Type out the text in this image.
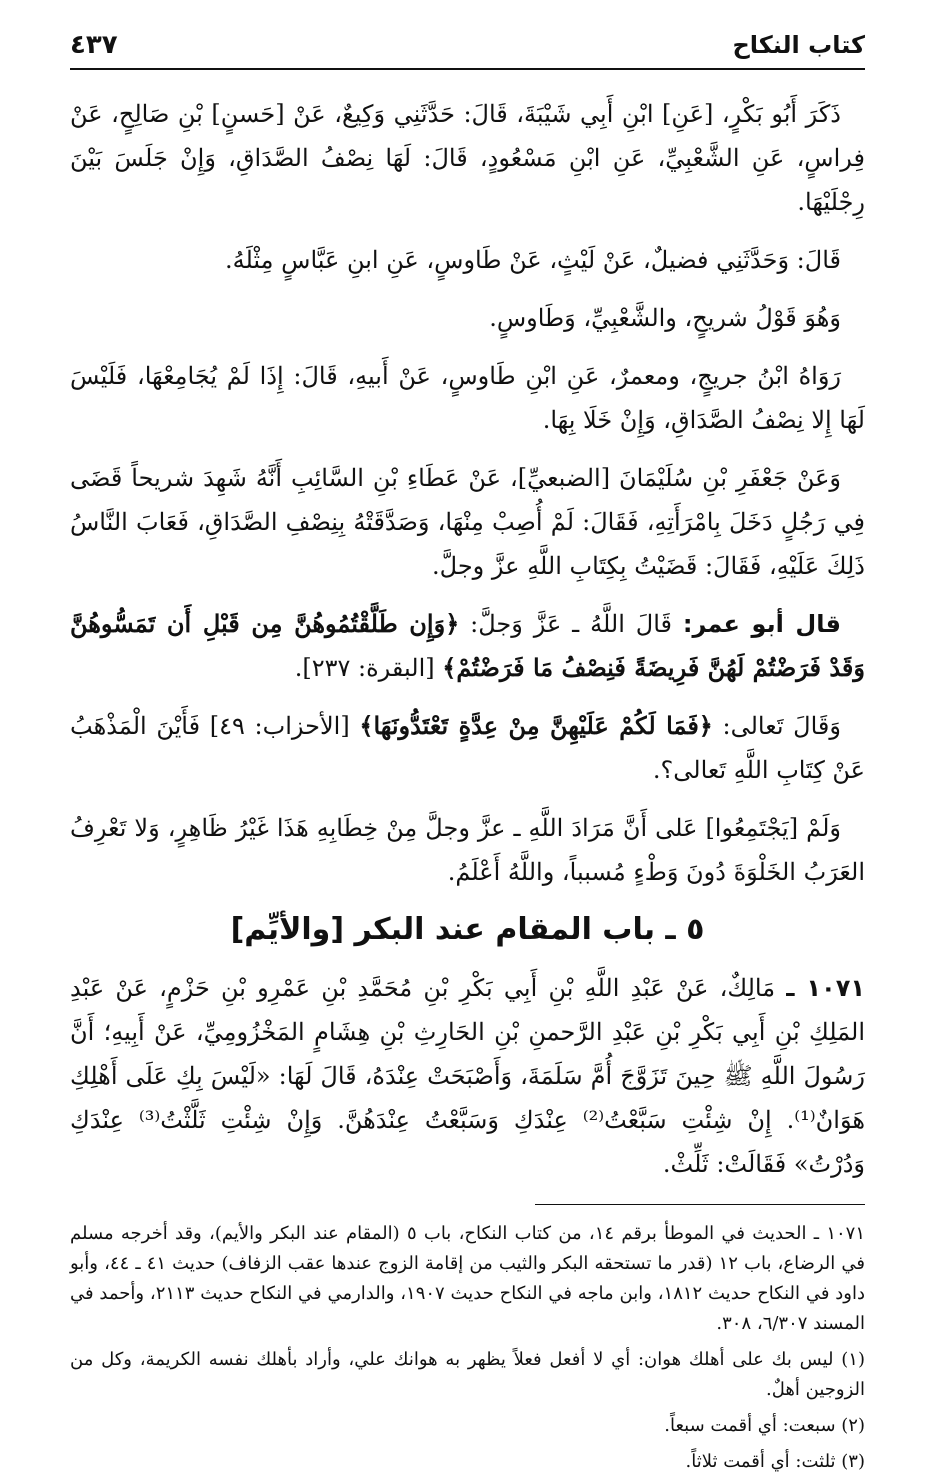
كتاب النكاح
٤٣٧

ذَكَرَ أَبُو بَكْرٍ، [عَنِ] ابْنِ أَبِي شَيْبَةَ، قَالَ: حَدَّثَنِي وَكِيعٌ، عَنْ [حَسنٍ] بْنِ صَالِحٍ، عَنْ فِراسٍ، عَنِ الشَّعْبِيِّ، عَنِ ابْنِ مَسْعُودٍ، قَالَ: لَهَا نِصْفُ الصَّدَاقِ، وَإِنْ جَلَسَ بَيْنَ رِجْلَيْهَا.

قَالَ: وَحَدَّثَنِي فضيلٌ، عَنْ لَيْثٍ، عَنْ طَاوسٍ، عَنِ ابنِ عَبَّاسٍ مِثْلَهُ.

وَهُوَ قَوْلُ شريحٍ، والشَّعْبِيِّ، وَطَاوسٍ.

رَوَاهُ ابْنُ جريجٍ، ومعمرٌ، عَنِ ابْنِ طَاوسٍ، عَنْ أَبيهِ، قَالَ: إِذَا لَمْ يُجَامِعْهَا، فَلَيْسَ لَهَا إِلا نِصْفُ الصَّدَاقِ، وَإِنْ خَلَا بِهَا.

وَعَنْ جَعْفَرِ بْنِ سُلَيْمَانَ [الضبعيِّ]، عَنْ عَطَاءِ بْنِ السَّائِبِ أَنَّهُ شَهِدَ شريحاً قَضَى فِي رَجُلٍ دَخَلَ بِامْرَأَتِهِ، فَقَالَ: لَمْ أُصِبْ مِنْهَا، وَصَدَّقَتْهُ بِنِصْفِ الصَّدَاقِ، فَعَابَ النَّاسُ ذَلِكَ عَلَيْهِ، فَقَالَ: قَضَيْتُ بِكِتَابِ اللَّهِ عزَّ وجلَّ.

قال أبو عمر: قَالَ اللَّهُ ـ عَزَّ وَجلَّ: ﴿وَإِن طَلَّقْتُمُوهُنَّ مِن قَبْلِ أَن تَمَسُّوهُنَّ وَقَدْ فَرَضْتُمْ لَهُنَّ فَرِيضَةً فَنِصْفُ مَا فَرَضْتُمْ﴾ [البقرة: ٢٣٧].

وَقَالَ تَعالى: ﴿فَمَا لَكُمْ عَلَيْهِنَّ مِنْ عِدَّةٍ تَعْتَدُّونَهَا﴾ [الأحزاب: ٤٩] فَأَيْنَ الْمَذْهَبُ عَنْ كِتَابِ اللَّهِ تَعالى؟.

وَلَمْ [يَجْتَمِعُوا] عَلى أَنَّ مَرَادَ اللَّهِ ـ عزَّ وجلَّ مِنْ خِطَابِهِ هَذَا غَيْرُ ظَاهِرٍ، وَلا تَعْرِفُ العَرَبُ الخَلْوَةَ دُونَ وَطْءٍ مُسبباً، واللَّهُ أَعْلَمُ.

٥ ـ باب المقام عند البكر [والأيِّم]

١٠٧١ ـ مَالِكٌ، عَنْ عَبْدِ اللَّهِ بْنِ أَبِي بَكْرِ بْنِ مُحَمَّدِ بْنِ عَمْرِو بْنِ حَزْمٍ، عَنْ عَبْدِ المَلِكِ بْنِ أَبِي بَكْرِ بْنِ عَبْدِ الرَّحمنِ بْنِ الحَارِثِ بْنِ هِشَامٍ المَخْزُومِيِّ، عَنْ أَبِيهِ؛ أَنَّ رَسُولَ اللَّهِ ﷺ حِينَ تَزَوَّجَ أُمَّ سَلَمَةَ، وَأَصْبَحَتْ عِنْدَهُ، قَالَ لَهَا: «لَيْسَ بِكِ عَلَى أَهْلِكِ هَوَانٌ⁽¹⁾. إِنْ شِئْتِ سَبَّعْتُ⁽²⁾ عِنْدَكِ وَسَبَّعْتُ عِنْدَهُنَّ. وَإِنْ شِئْتِ ثَلَّثْتُ⁽³⁾ عِنْدَكِ وَدُرْتُ» فَقَالَتْ: ثَلِّثْ.

١٠٧١ ـ الحديث في الموطأ برقم ١٤، من كتاب النكاح، باب ٥ (المقام عند البكر والأيم)، وقد أخرجه مسلم في الرضاع، باب ١٢ (قدر ما تستحقه البكر والثيب من إقامة الزوج عندها عقب الزفاف) حديث ٤١ ـ ٤٤، وأبو داود في النكاح حديث ١٨١٢، وابن ماجه في النكاح حديث ١٩٠٧، والدارمي في النكاح حديث ٢١١٣، وأحمد في المسند ٦/٣٠٧، ٣٠٨.

(١) ليس بك على أهلك هوان: أي لا أفعل فعلاً يظهر به هوانك علي، وأراد بأهلك نفسه الكريمة، وكل من الزوجين أهلٌ.

(٢) سبعت: أي أقمت سبعاً.

(٣) ثلثت: أي أقمت ثلاثاً.
